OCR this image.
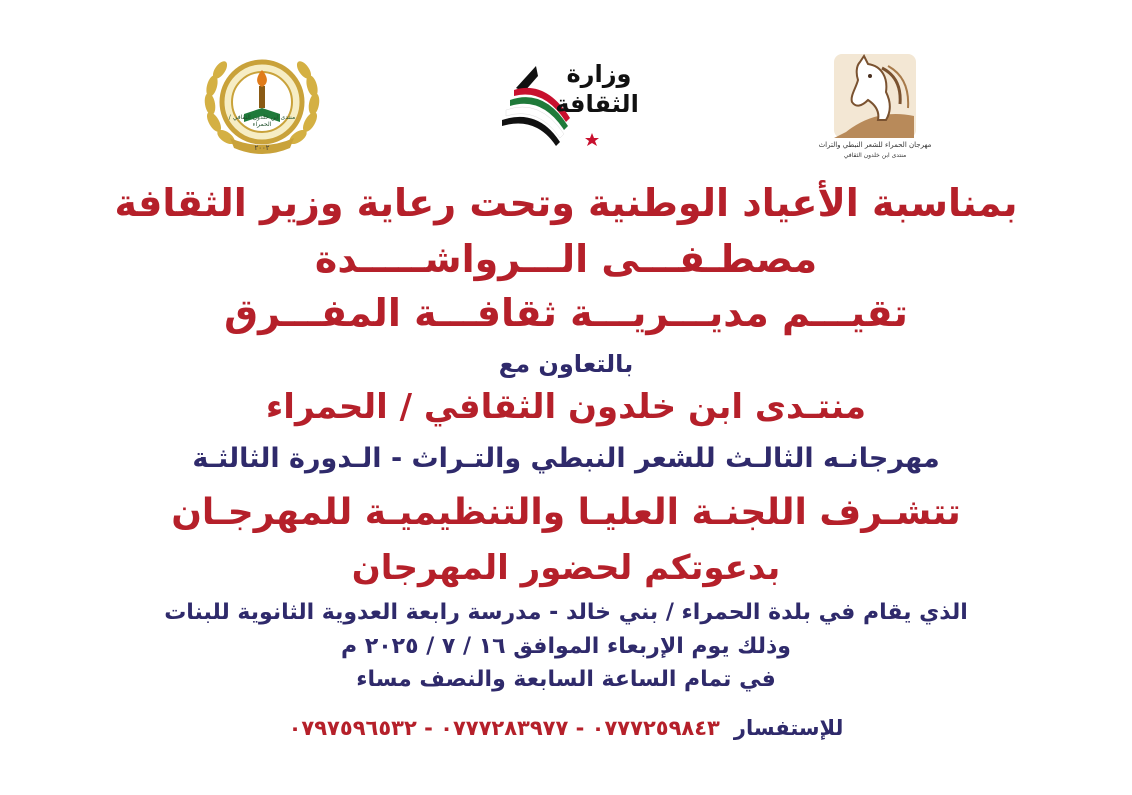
منتدى ابن خلدون الثقافي / الحمراء
٢٠٠٢
وزارة
الثقافة
مهرجان الحمراء للشعر النبطي والتراث
منتدى ابن خلدون الثقافي
بمناسبة الأعياد الوطنية وتحت رعاية وزير الثقافة
مصطـفـــى الـــرواشـــــدة
تقيـــم مديـــريـــة ثقافـــة المفـــرق
بالتعاون مع
منتـدى ابن خلدون الثقافي / الحمراء
مهرجانـه الثالـث للشعر النبطي والتـراث - الـدورة الثالثـة
تتشـرف اللجنـة العليـا والتنظيميـة للمهرجـان
بدعوتكم لحضور المهرجان
الذي يقام في بلدة الحمراء / بني خالد - مدرسة رابعة العدوية الثانوية للبنات
وذلك يوم الإربعاء الموافق ١٦ / ٧ / ٢٠٢٥ م
في تمام الساعة السابعة والنصف مساء
للإستفسار٠٧٧٧٢٥٩٨٤٣ - ٠٧٧٧٢٨٣٩٧٧ - ٠٧٩٧٥٩٦٥٣٢
